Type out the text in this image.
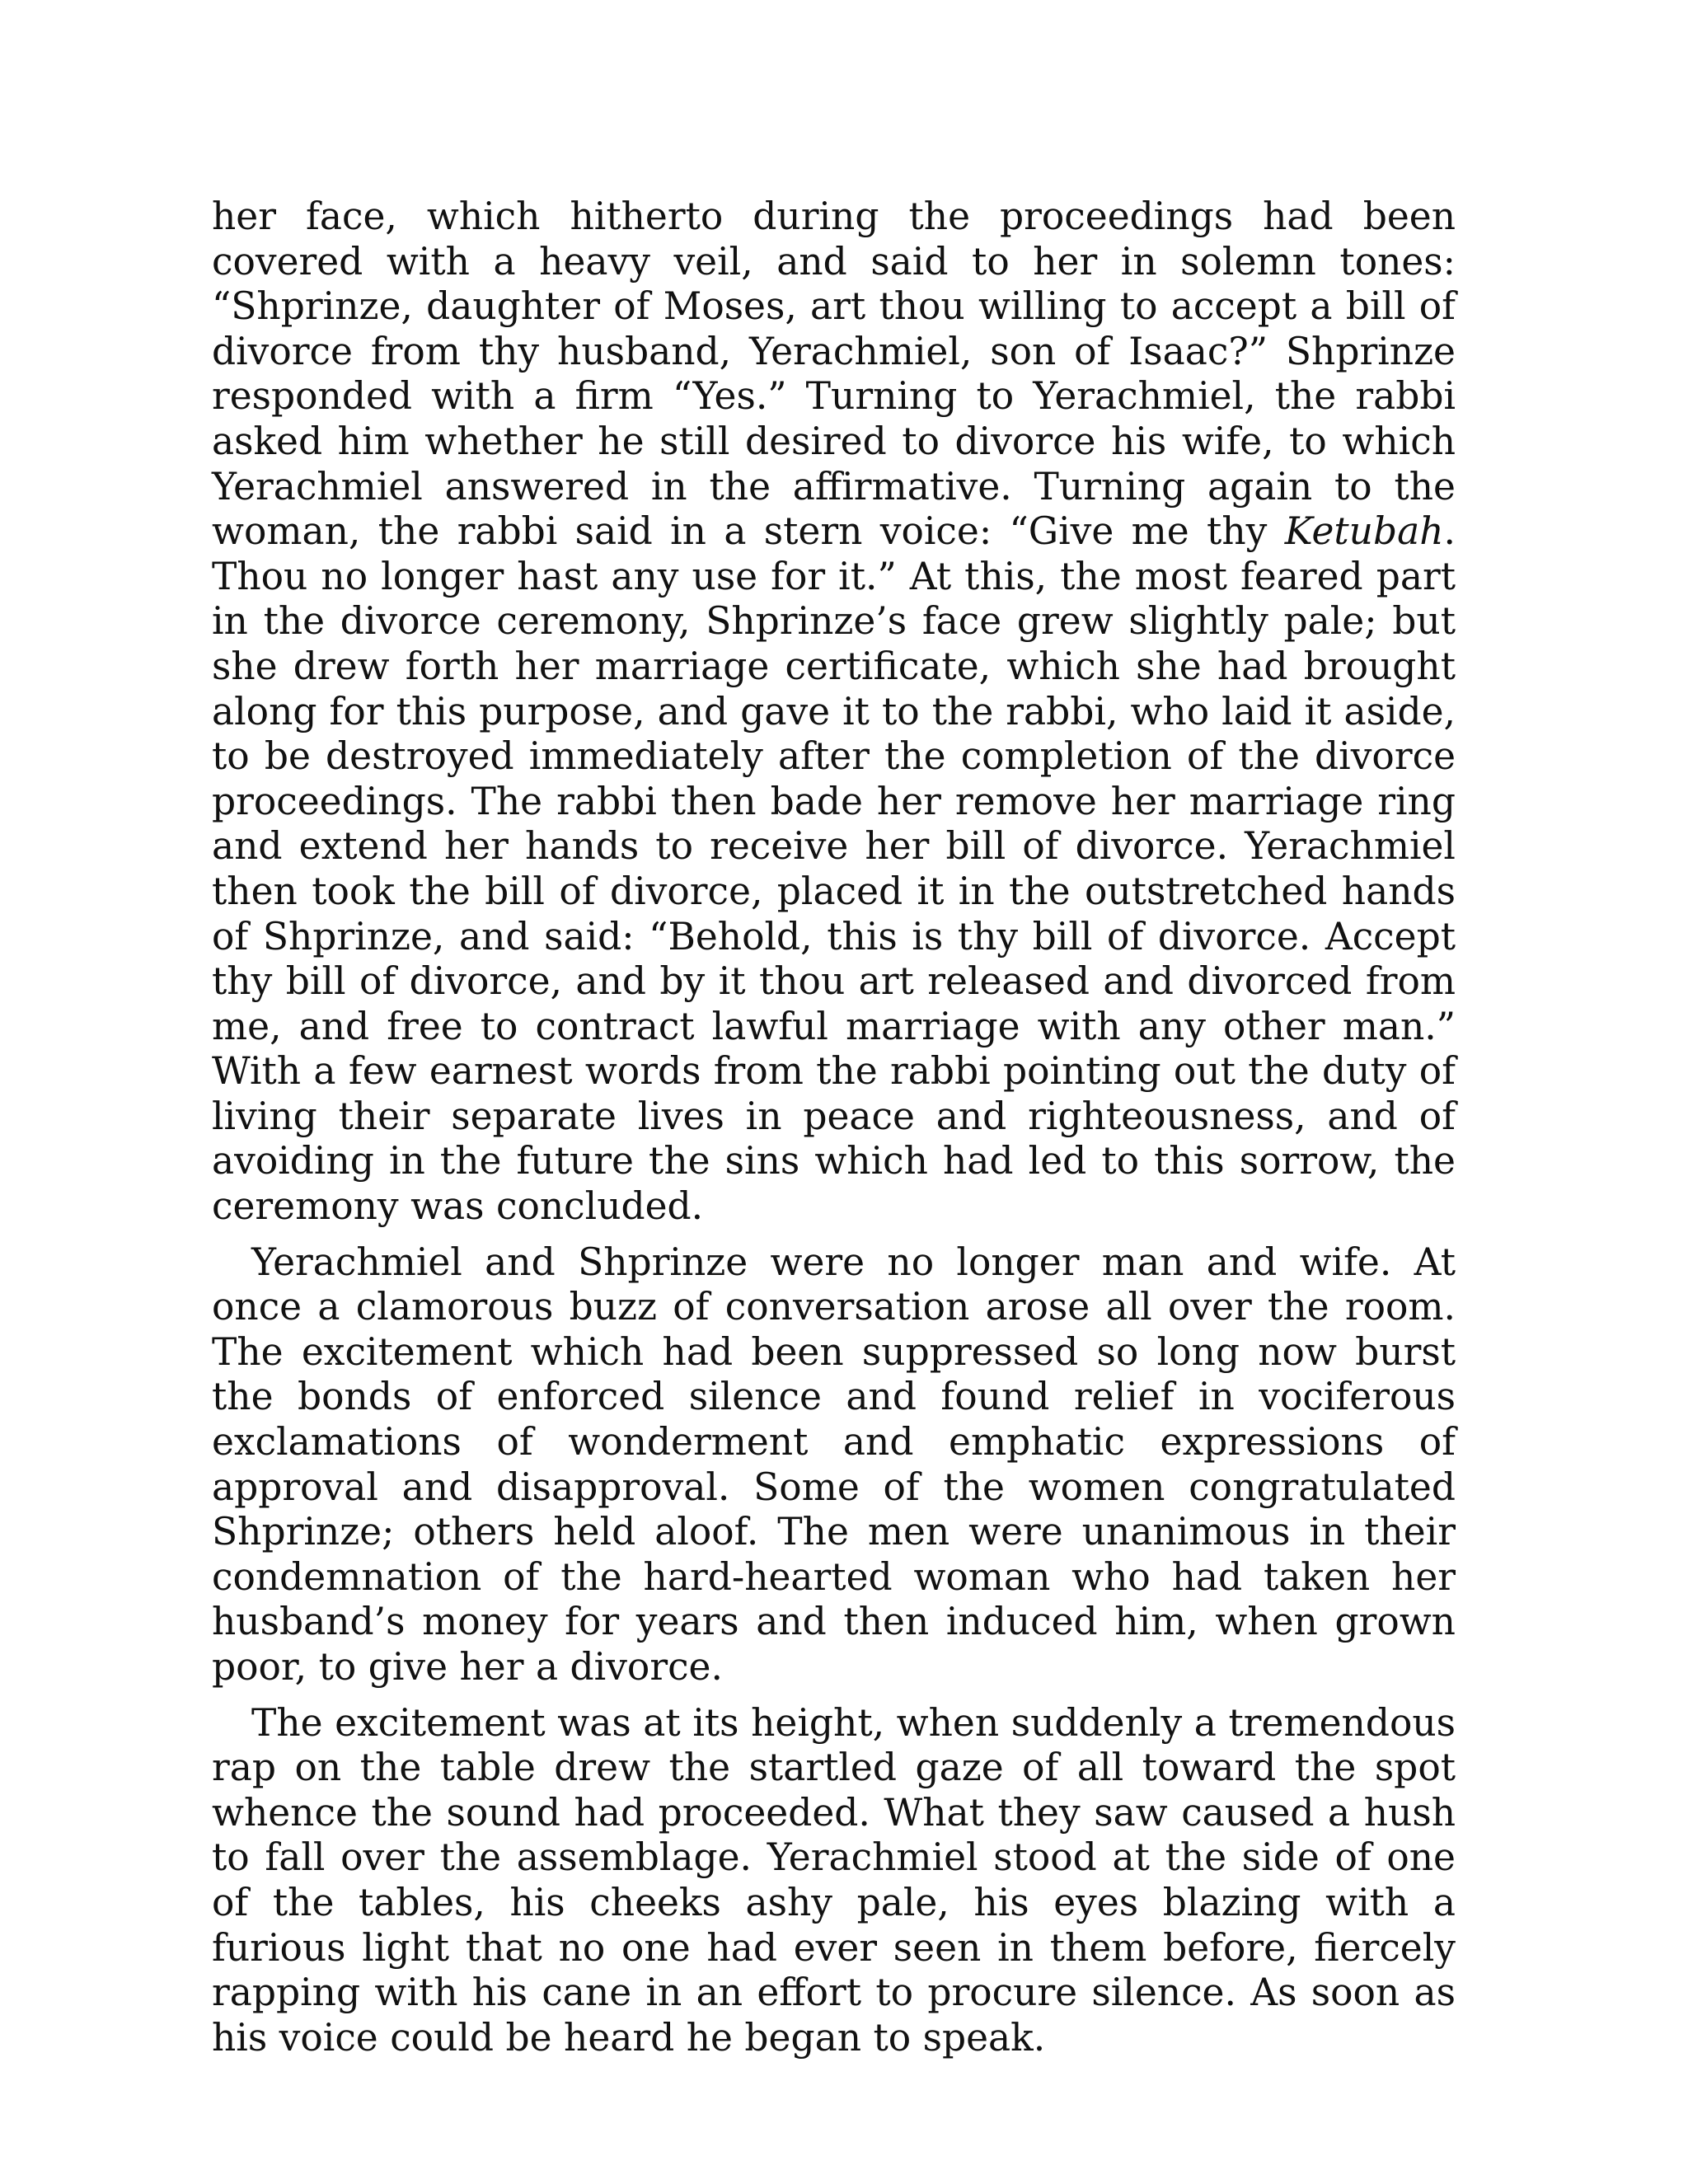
her face, which hitherto during the proceedings had been covered with a heavy veil, and said to her in solemn tones: “Shprinze, daughter of Moses, art thou willing to accept a bill of divorce from thy husband, Yerachmiel, son of Isaac?” Shprinze responded with a firm “Yes.” Turning to Yerachmiel, the rabbi asked him whether he still desired to divorce his wife, to which Yerachmiel answered in the affirmative. Turning again to the woman, the rabbi said in a stern voice: “Give me thy Ketubah. Thou no longer hast any use for it.” At this, the most feared part in the divorce ceremony, Shprinze’s face grew slightly pale; but she drew forth her marriage certificate, which she had brought along for this purpose, and gave it to the rabbi, who laid it aside, to be destroyed immediately after the completion of the divorce proceedings. The rabbi then bade her remove her marriage ring and extend her hands to receive her bill of divorce. Yerachmiel then took the bill of divorce, placed it in the outstretched hands of Shprinze, and said: “Behold, this is thy bill of divorce. Accept thy bill of divorce, and by it thou art released and divorced from me, and free to contract lawful marriage with any other man.” With a few earnest words from the rabbi pointing out the duty of living their separate lives in peace and righteousness, and of avoiding in the future the sins which had led to this sorrow, the ceremony was concluded.

Yerachmiel and Shprinze were no longer man and wife. At once a clamorous buzz of conversation arose all over the room. The excitement which had been suppressed so long now burst the bonds of enforced silence and found relief in vociferous exclamations of wonderment and emphatic expressions of approval and disapproval. Some of the women congratulated Shprinze; others held aloof. The men were unanimous in their condemnation of the hard-hearted woman who had taken her husband’s money for years and then induced him, when grown poor, to give her a divorce.

The excitement was at its height, when suddenly a tremendous rap on the table drew the startled gaze of all toward the spot whence the sound had proceeded. What they saw caused a hush to fall over the assemblage. Yerachmiel stood at the side of one of the tables, his cheeks ashy pale, his eyes blazing with a furious light that no one had ever seen in them before, fiercely rapping with his cane in an effort to procure silence. As soon as his voice could be heard he began to speak.
